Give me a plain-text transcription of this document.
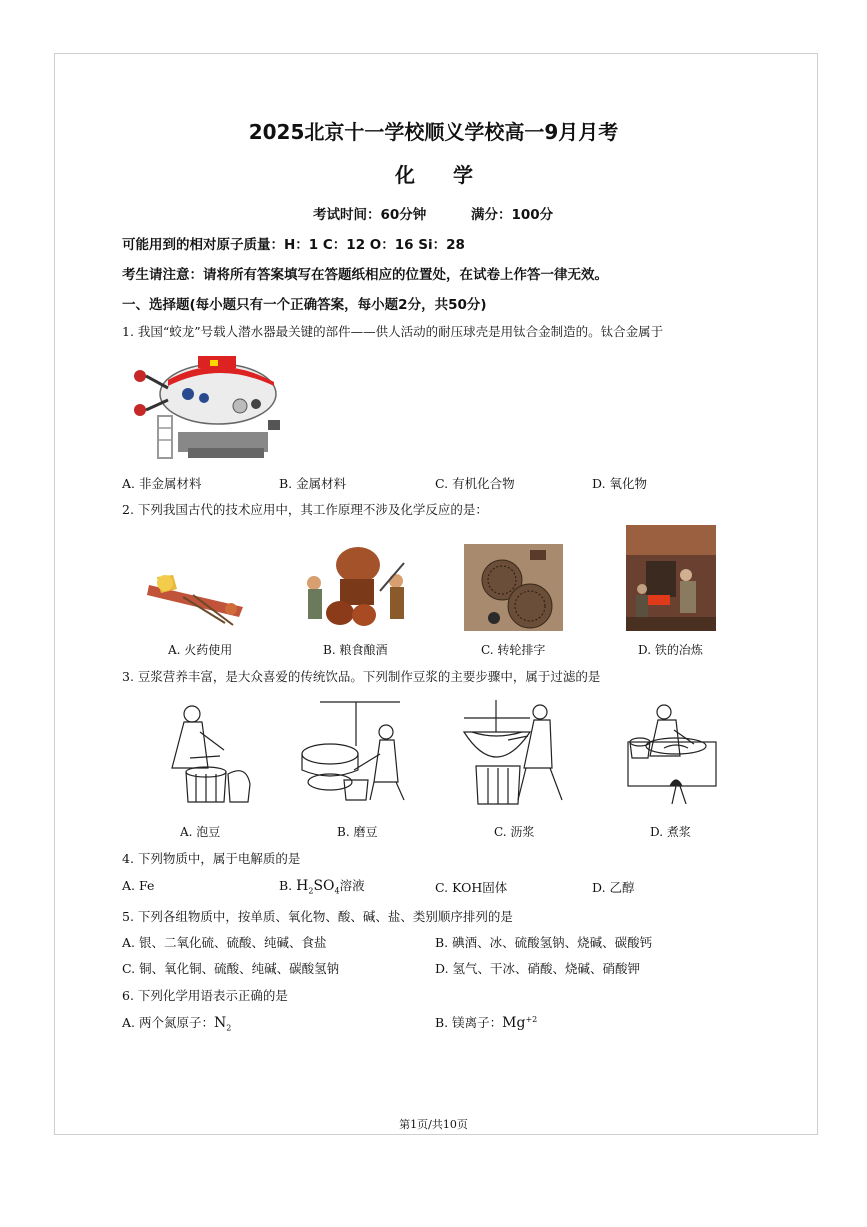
2025北京十一学校顺义学校高一9月月考
化学
考试时间：60分钟	满分：100分
可能用到的相对原子质量：H：1 C：12 O：16 Si：28
考生请注意：请将所有答案填写在答题纸相应的位置处，在试卷上作答一律无效。
一、选择题(每小题只有一个正确答案，每小题2分，共50分)
1. 我国“蛟龙”号载人潜水器最关键的部件——供人活动的耐压球壳是用钛合金制造的。钛合金属于
A. 非金属材料	B. 金属材料	C. 有机化合物	D. 氧化物
2. 下列我国古代的技术应用中，其工作原理不涉及化学反应的是：
A. 火药使用	B. 粮食酿酒	C. 转轮排字	D. 铁的冶炼
3. 豆浆营养丰富，是大众喜爱的传统饮品。下列制作豆浆的主要步骤中，属于过滤的是
A. 泡豆	B. 磨豆	C. 沥浆	D. 煮浆
4. 下列物质中，属于电解质的是
A. Fe	B. $H_2SO_4$溶液	C. KOH固体	D. 乙醇
5. 下列各组物质中，按单质、氧化物、酸、碱、盐、类别顺序排列的是
A. 银、二氧化硫、硫酸、纯碱、食盐	B. 碘酒、冰、硫酸氢钠、烧碱、碳酸钙
C. 铜、氧化铜、硫酸、纯碱、碳酸氢钠	D. 氢气、干冰、硝酸、烧碱、硝酸钾
6. 下列化学用语表示正确的是
A. 两个氮原子：$N_2$	B. 镁离子：$Mg^{+2}$
第1页/共10页
